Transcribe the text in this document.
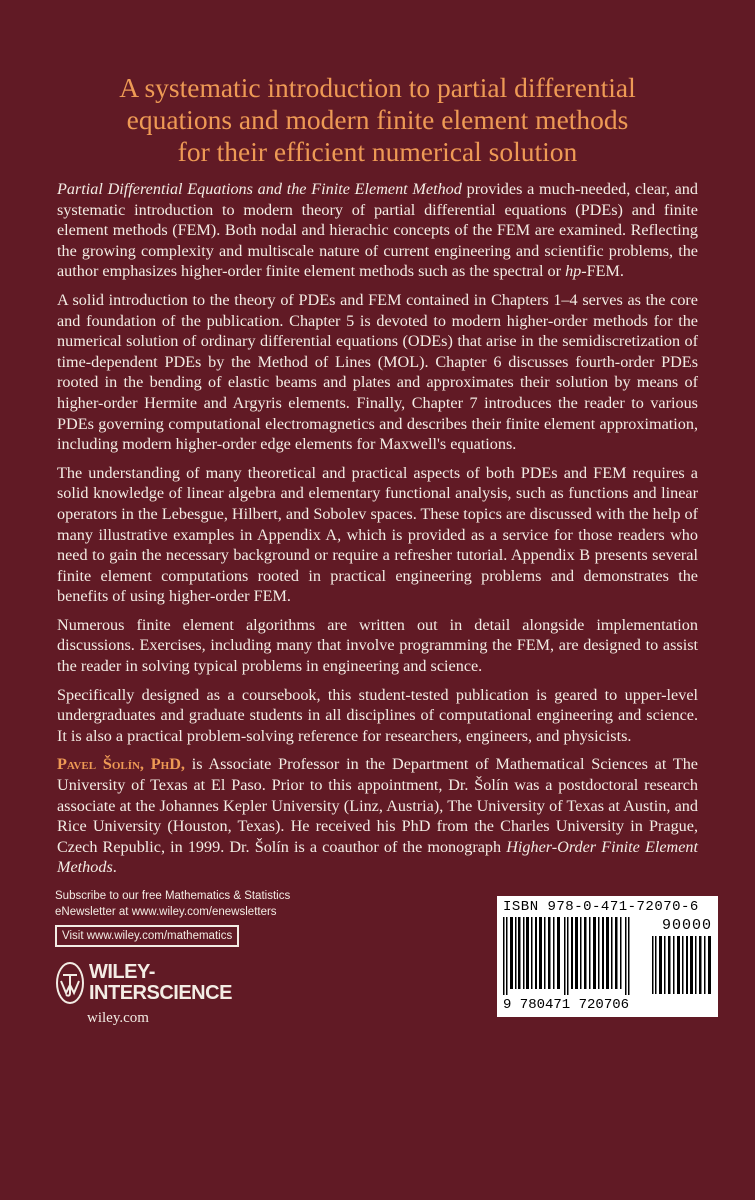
A systematic introduction to partial differential
equations and modern finite element methods
for their efficient numerical solution

Partial Differential Equations and the Finite Element Method provides a much-needed, clear, and systematic introduction to modern theory of partial differential equations (PDEs) and finite element methods (FEM). Both nodal and hierachic concepts of the FEM are examined. Reflecting the growing complexity and multiscale nature of current engineering and scientific problems, the author emphasizes higher-order finite element methods such as the spectral or hp-FEM.

A solid introduction to the theory of PDEs and FEM contained in Chapters 1–4 serves as the core and foundation of the publication. Chapter 5 is devoted to modern higher-order methods for the numerical solution of ordinary differential equations (ODEs) that arise in the semidiscretization of time-dependent PDEs by the Method of Lines (MOL). Chapter 6 discusses fourth-order PDEs rooted in the bending of elastic beams and plates and approximates their solution by means of higher-order Hermite and Argyris elements. Finally, Chapter 7 introduces the reader to various PDEs governing computational electromagnetics and describes their finite element approximation, including modern higher-order edge elements for Maxwell's equations.

The understanding of many theoretical and practical aspects of both PDEs and FEM requires a solid knowledge of linear algebra and elementary functional analysis, such as functions and linear operators in the Lebesgue, Hilbert, and Sobolev spaces. These topics are discussed with the help of many illustrative examples in Appendix A, which is provided as a service for those readers who need to gain the necessary background or require a refresher tutorial. Appendix B presents several finite element computations rooted in practical engineering problems and demonstrates the benefits of using higher-order FEM.

Numerous finite element algorithms are written out in detail alongside implementation discussions. Exercises, including many that involve programming the FEM, are designed to assist the reader in solving typical problems in engineering and science.

Specifically designed as a coursebook, this student-tested publication is geared to upper-level undergraduates and graduate students in all disciplines of computational engineering and science. It is also a practical problem-solving reference for researchers, engineers, and physicists.

Pavel Šolín, PhD, is Associate Professor in the Department of Mathematical Sciences at The University of Texas at El Paso. Prior to this appointment, Dr. Šolín was a postdoctoral research associate at the Johannes Kepler University (Linz, Austria), The University of Texas at Austin, and Rice University (Houston, Texas). He received his PhD from the Charles University in Prague, Czech Republic, in 1999. Dr. Šolín is a coauthor of the monograph Higher-Order Finite Element Methods.

Subscribe to our free Mathematics & Statistics
eNewsletter at www.wiley.com/enewsletters
Visit www.wiley.com/mathematics
WILEY-
INTERSCIENCE
wiley.com
ISBN 978-0-471-72070-6
90000
9 780471 720706
